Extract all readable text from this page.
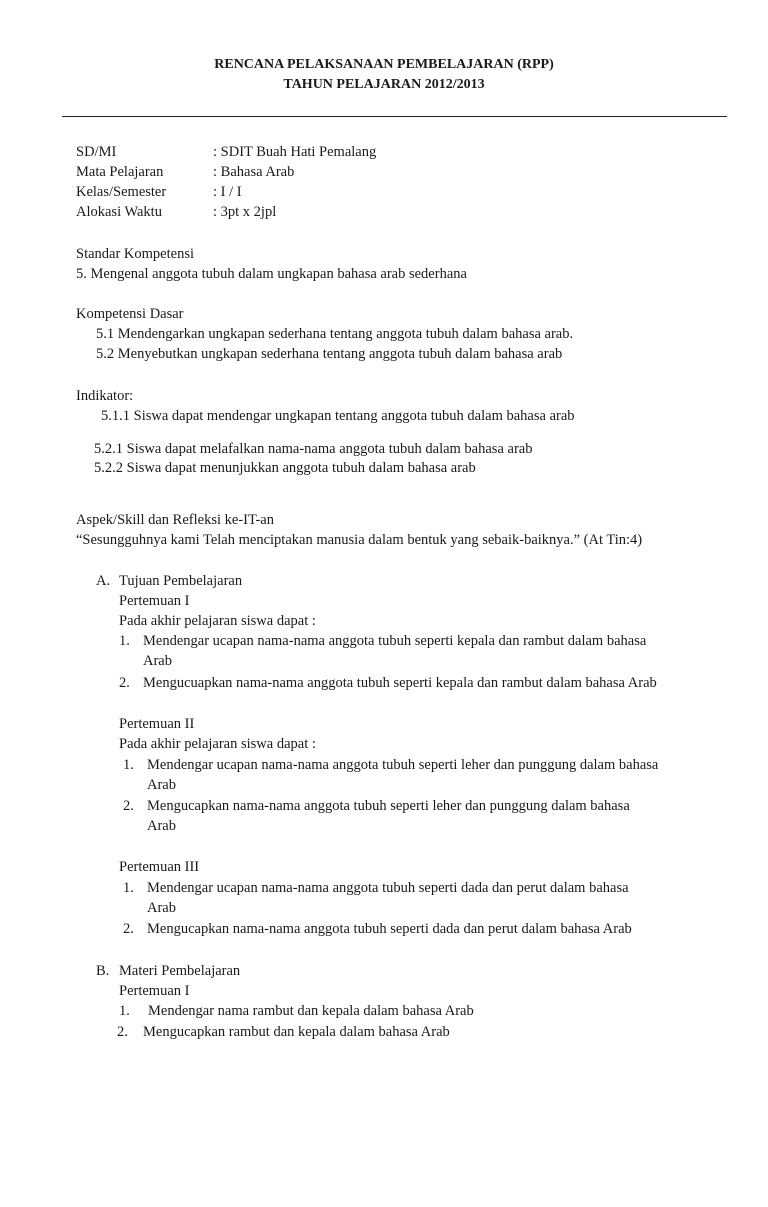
RENCANA PELAKSANAAN PEMBELAJARAN (RPP)
TAHUN PELAJARAN 2012/2013
SD/MI	: SDIT Buah Hati Pemalang
Mata Pelajaran	: Bahasa Arab
Kelas/Semester	: I / I
Alokasi Waktu	: 3pt x 2jpl
Standar Kompetensi
5. Mengenal anggota tubuh dalam ungkapan bahasa arab sederhana
Kompetensi Dasar
5.1 Mendengarkan ungkapan sederhana tentang anggota tubuh dalam bahasa arab.
5.2 Menyebutkan ungkapan sederhana tentang anggota tubuh dalam bahasa arab
Indikator:
5.1.1 Siswa dapat mendengar ungkapan tentang anggota tubuh dalam bahasa arab
5.2.1 Siswa dapat melafalkan nama-nama anggota tubuh dalam bahasa arab
5.2.2 Siswa dapat menunjukkan anggota tubuh dalam bahasa arab
Aspek/Skill dan Refleksi ke-IT-an
“Sesungguhnya kami Telah menciptakan manusia dalam bentuk yang sebaik-baiknya.” (At Tin:4)
A. Tujuan Pembelajaran
Pertemuan I
Pada akhir pelajaran siswa dapat :
1. Mendengar ucapan nama-nama anggota tubuh seperti kepala dan rambut dalam bahasa
Arab
2. Mengucuapkan nama-nama anggota tubuh seperti kepala dan rambut dalam bahasa Arab
Pertemuan II
Pada akhir pelajaran siswa dapat :
1. Mendengar ucapan nama-nama anggota tubuh seperti leher dan punggung dalam bahasa
Arab
2. Mengucapkan nama-nama anggota tubuh seperti leher dan punggung dalam bahasa
Arab
Pertemuan III
1. Mendengar ucapan nama-nama anggota tubuh seperti dada dan perut dalam bahasa
Arab
2. Mengucapkan nama-nama anggota tubuh seperti dada dan perut dalam bahasa Arab
B. Materi Pembelajaran
Pertemuan I
1. Mendengar nama rambut dan kepala dalam bahasa Arab
2. Mengucapkan rambut dan kepala dalam bahasa Arab
